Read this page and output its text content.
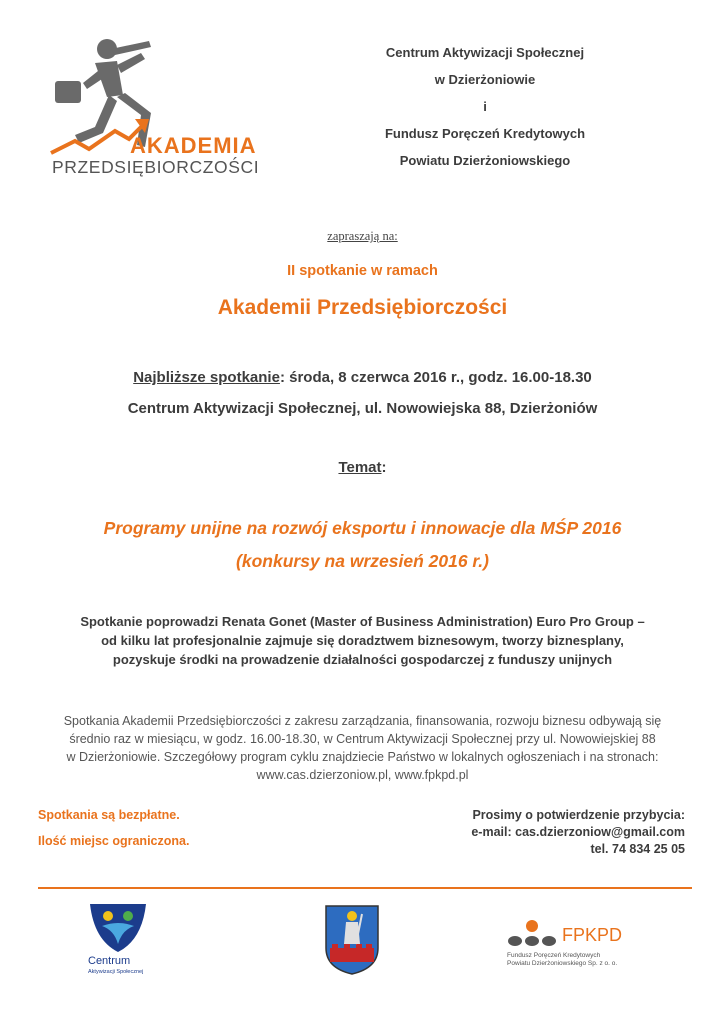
AKADEMIA
PRZEDSIĘBIORCZOŚCI
Centrum Aktywizacji Społecznej
w Dzierżoniowie
i
Fundusz Poręczeń Kredytowych
Powiatu Dzierżoniowskiego
zapraszają na:
II spotkanie w ramach
Akademii Przedsiębiorczości
Najbliższe spotkanie: środa, 8 czerwca 2016 r., godz. 16.00-18.30
Centrum Aktywizacji Społecznej, ul. Nowowiejska 88, Dzierżoniów
Temat:
Programy unijne na rozwój eksportu i innowacje dla MŚP 2016
(konkursy na wrzesień 2016 r.)
Spotkanie poprowadzi Renata Gonet (Master of Business Administration) Euro Pro Group –
od kilku lat profesjonalnie zajmuje się doradztwem biznesowym, tworzy biznesplany,
pozyskuje środki na prowadzenie działalności gospodarczej z funduszy unijnych
Spotkania Akademii Przedsiębiorczości z zakresu zarządzania, finansowania, rozwoju biznesu odbywają się
średnio raz w miesiącu, w godz. 16.00-18.30, w Centrum Aktywizacji Społecznej przy ul. Nowowiejskiej 88
w Dzierżoniowie. Szczegółowy program cyklu znajdziecie Państwo w lokalnych ogłoszeniach i na stronach:
www.cas.dzierzoniow.pl, www.fpkpd.pl
Spotkania są bezpłatne.
Ilość miejsc ograniczona.
Prosimy o potwierdzenie przybycia:
e-mail: cas.dzierzoniow@gmail.com
tel. 74 834 25 05
Centrum
Aktywizacji Społecznej
FPKPD
Fundusz Poręczeń Kredytowych
Powiatu Dzierżoniowskiego Sp. z o. o.
